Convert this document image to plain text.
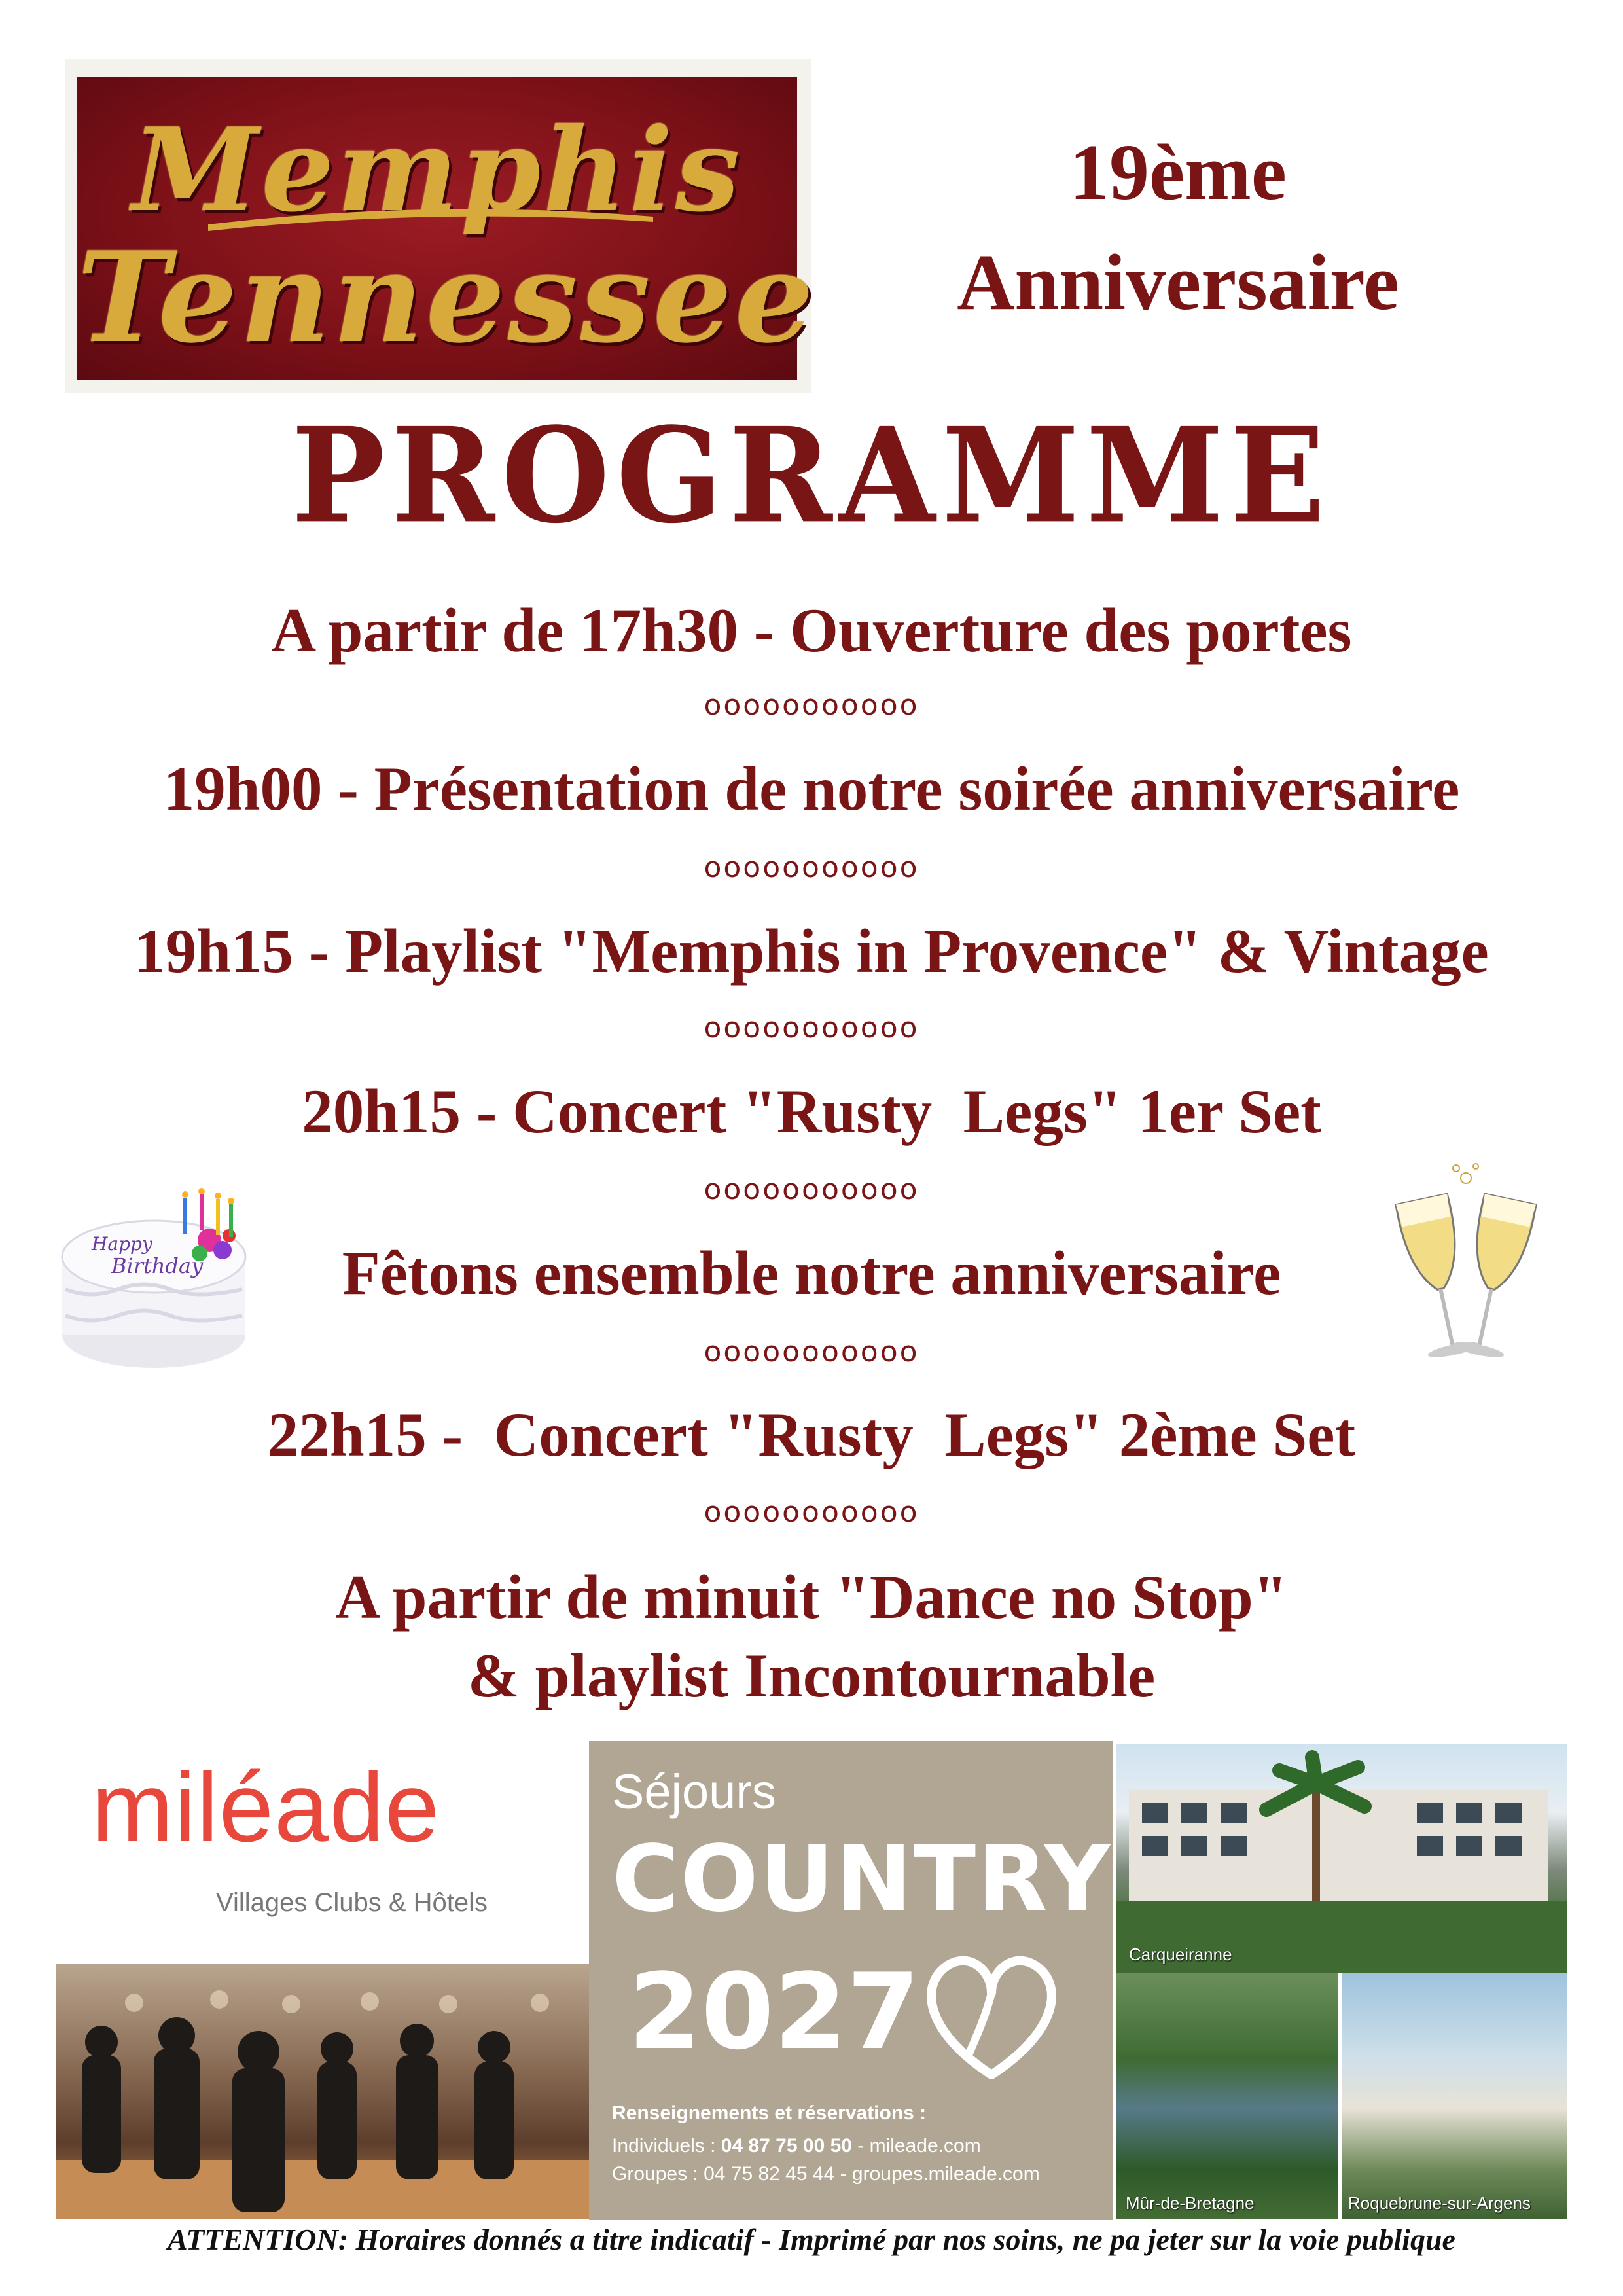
Memphis
Tennessee
19ème
Anniversaire
PROGRAMME
A partir de 17h30 - Ouverture des portes
ooooooooooo
19h00 - Présentation de notre soirée anniversaire
ooooooooooo
19h15 - Playlist "Memphis in Provence" & Vintage
ooooooooooo
20h15 - Concert "Rusty  Legs" 1er Set
ooooooooooo
Fêtons ensemble notre anniversaire
ooooooooooo
22h15 -  Concert "Rusty  Legs" 2ème Set
ooooooooooo
A partir de minuit "Dance no Stop"
& playlist Incontournable
Happy
Birthday
miléade
Villages Clubs & Hôtels
Séjours
COUNTRY
2027
Renseignements et réservations :
Individuels : 04 87 75 00 50 - mileade.com
Groupes : 04 75 82 45 44 - groupes.mileade.com
Carqueiranne
Mûr-de-Bretagne	Roquebrune-sur-Argens
ATTENTION: Horaires donnés a titre indicatif - Imprimé par nos soins, ne pa jeter sur la voie publique
